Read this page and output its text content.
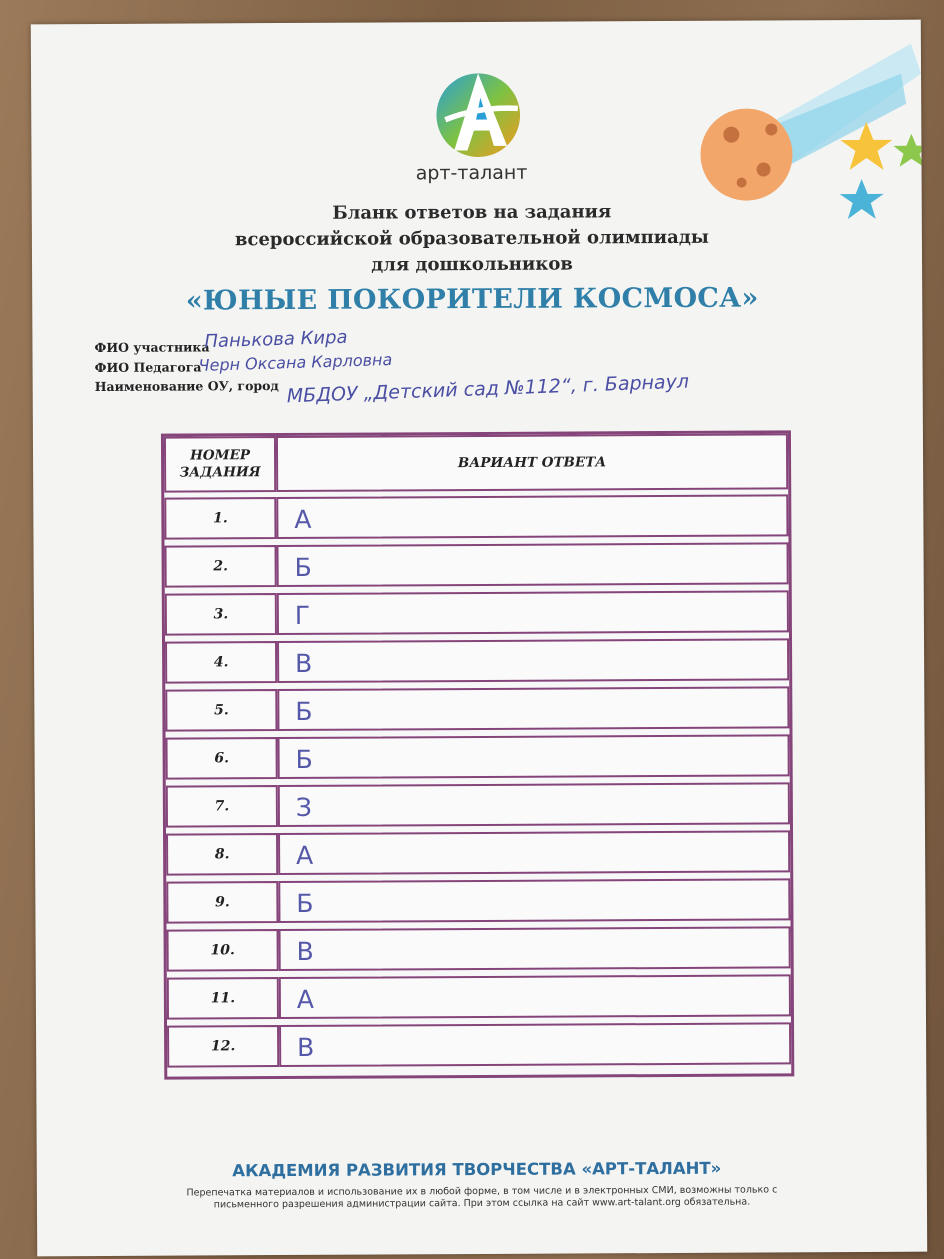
арт-талант
Бланк ответов на задания
всероссийской образовательной олимпиады
для дошкольников
«ЮНЫЕ ПОКОРИТЕЛИ КОСМОСА»
ФИО участника
Панькова Кира
ФИО Педагога
Черн Оксана Карловна
Наименование ОУ, город МБДОУ „Детский сад №112“, г. Барнаул
НОМЕР
ЗАДАНИЯ
ВАРИАНТ ОТВЕТА
1.	А
2.	Б
3.	Г
4.	В
5.	Б
6.	Б
7.	З
8.	А
9.	Б
10.	В
11.	А
12.	В
АКАДЕМИЯ РАЗВИТИЯ ТВОРЧЕСТВА «АРТ-ТАЛАНТ»
Перепечатка материалов и использование их в любой форме, в том числе и в электронных СМИ, возможны только с
письменного разрешения администрации сайта. При этом ссылка на сайт www.art-talant.org обязательна.
